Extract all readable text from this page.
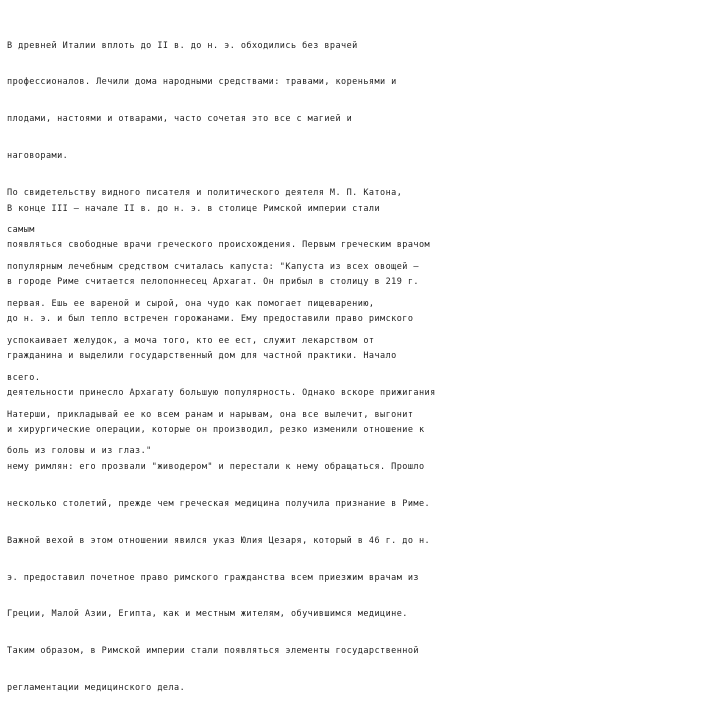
В древней Италии вплоть до II в. до н. э. обходились без врачей

профессионалов. Лечили дома народными средствами: травами, кореньями и

плодами, настоями и отварами, часто сочетая это все с магией и

наговорами.

По свидетельству видного писателя и политического деятеля М. П. Катона,

самым

популярным лечебным средством считалась капуста: "Капуста из всех овощей –

первая. Ешь ее вареной и сырой, она чудо как помогает пищеварению,

успокаивает желудок, а моча того, кто ее ест, служит лекарством от

всего.

Натерши, прикладывай ее ко всем ранам и нарывам, она все вылечит, выгонит

боль из головы и из глаз."

В конце III – начале II в. до н. э. в столице Римской империи стали

появляться свободные врачи греческого происхождения. Первым греческим врачом

в городе Риме считается пелопоннесец Архагат. Он прибыл в столицу в 219 г.

до н. э. и был тепло встречен горожанами. Ему предоставили право римского

гражданина и выделили государственный дом для частной практики. Начало

деятельности принесло Архагату большую популярность. Однако вскоре прижигания

и хирургические операции, которые он производил, резко изменили отношение к

нему римлян: его прозвали "живодером" и перестали к нему обращаться. Прошло

несколько столетий, прежде чем греческая медицина получила признание в Риме.

Важной вехой в этом отношении явился указ Юлия Цезаря, который в 46 г. до н.

э. предоставил почетное право римского гражданства всем приезжим врачам из

Греции, Малой Азии, Египта, как и местным жителям, обучившимся медицине.

Таким образом, в Римской империи стали появляться элементы государственной

регламентации медицинского дела.
